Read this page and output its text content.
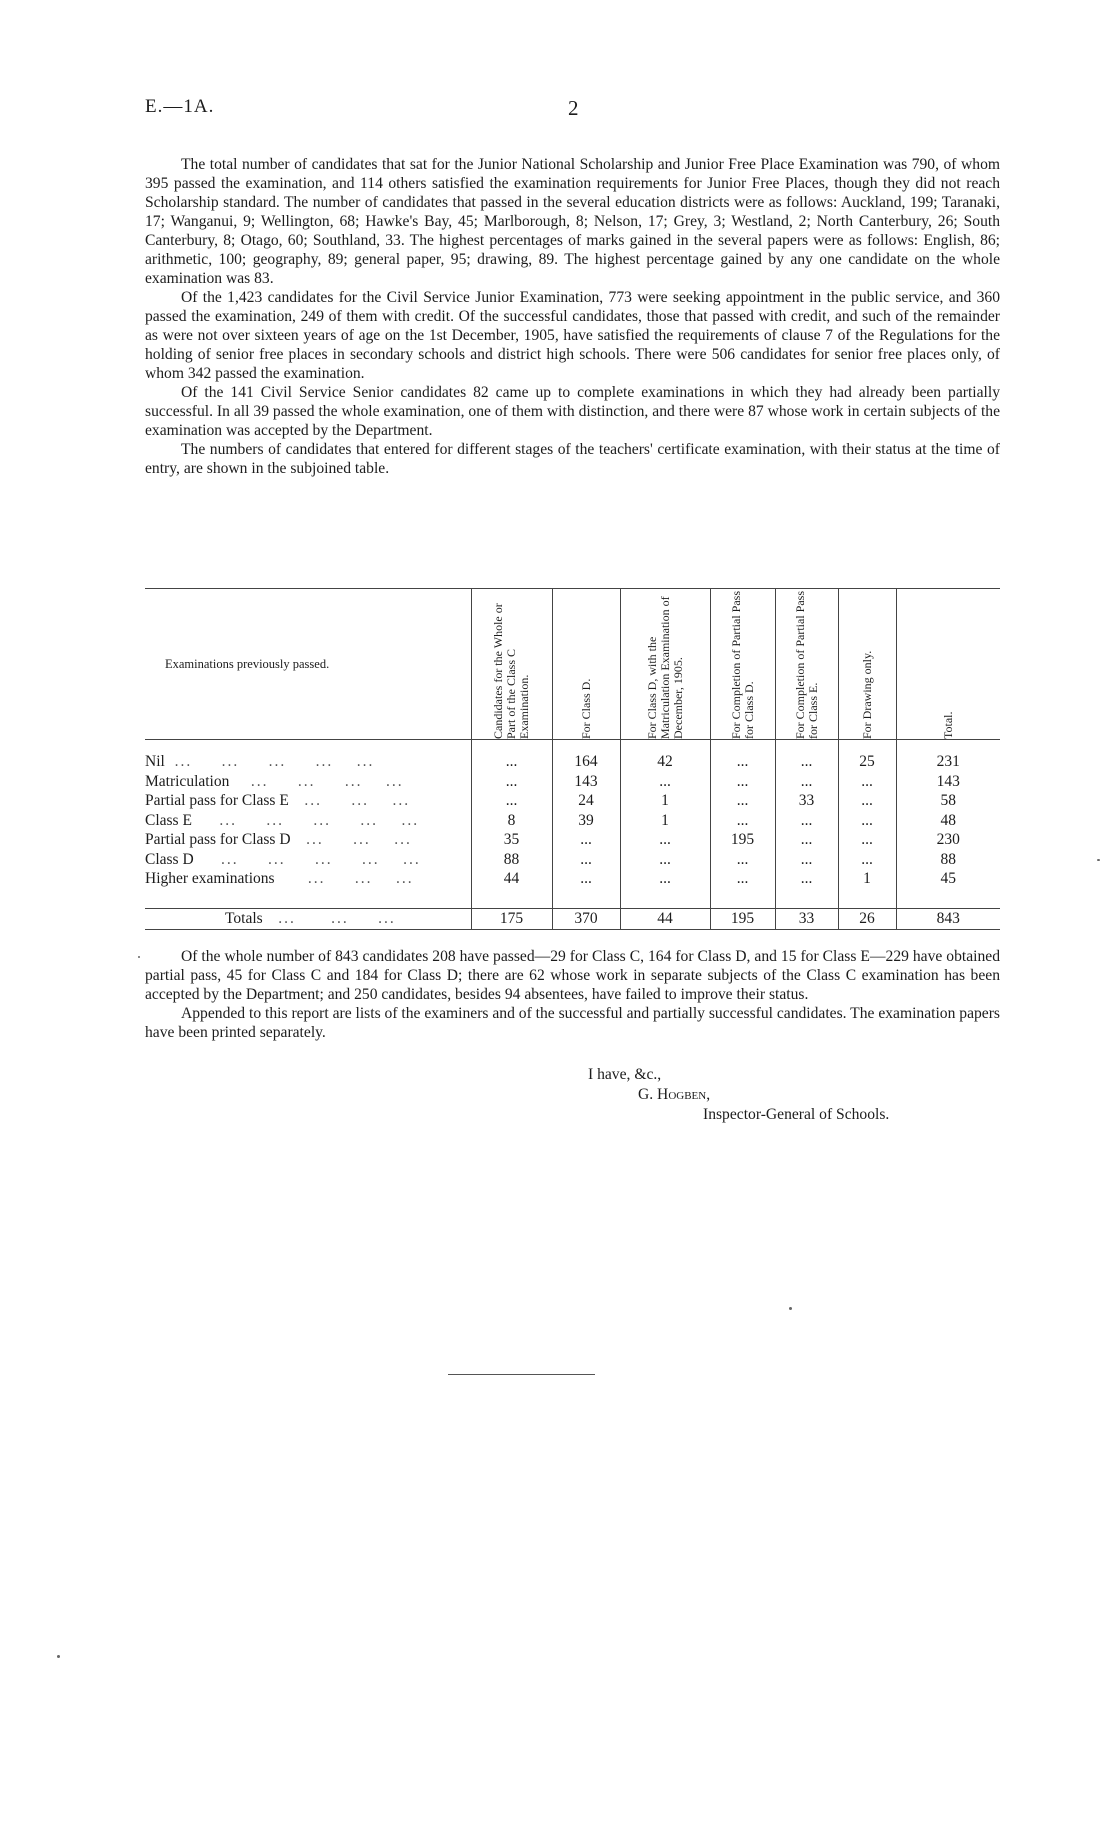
E.—1A.	2

The total number of candidates that sat for the Junior National Scholarship and Junior Free Place Examination was 790, of whom 395 passed the examination, and 114 others satisfied the examination requirements for Junior Free Places, though they did not reach Scholarship standard. The number of candidates that passed in the several education districts were as follows: Auckland, 199; Taranaki, 17; Wanganui, 9; Wellington, 68; Hawke's Bay, 45; Marlborough, 8; Nelson, 17; Grey, 3; Westland, 2; North Canterbury, 26; South Canterbury, 8; Otago, 60; Southland, 33. The highest percentages of marks gained in the several papers were as follows: English, 86; arithmetic, 100; geography, 89; general paper, 95; drawing, 89. The highest percentage gained by any one candidate on the whole examination was 83.

Of the 1,423 candidates for the Civil Service Junior Examination, 773 were seeking appointment in the public service, and 360 passed the examination, 249 of them with credit. Of the successful candidates, those that passed with credit, and such of the remainder as were not over sixteen years of age on the 1st December, 1905, have satisfied the requirements of clause 7 of the Regulations for the holding of senior free places in secondary schools and district high schools. There were 506 candidates for senior free places only, of whom 342 passed the examination.

Of the 141 Civil Service Senior candidates 82 came up to complete examinations in which they had already been partially successful. In all 39 passed the whole examination, one of them with distinction, and there were 87 whose work in certain subjects of the examination was accepted by the Department.

The numbers of candidates that entered for different stages of the teachers' certificate examination, with their status at the time of entry, are shown in the subjoined table.

Examinations previously passed.	Candidates for the Whole or Part of the Class C Examination.	For Class D.	For Class D, with the Matriculation Examination of December, 1905.	For Completion of Partial Pass for Class D.	For Completion of Partial Pass for Class E.	For Drawing only.	Total.

Nil  ...     ...     ...     ...    ...	...	164	42	...	...	25	231
Matriculation    ...     ...     ...    ...	...	143	...	...	...	...	143
Partial pass for Class E   ...     ...    ...	...	24	1	...	33	...	58
Class E     ...     ...     ...     ...    ...	8	39	1	...	...	...	48
Partial pass for Class D   ...     ...    ...	35	...	...	195	...	...	230
Class D     ...     ...     ...     ...    ...	88	...	...	...	...	...	88
Higher examinations      ...     ...    ...	44	...	...	...	...	1	45

Totals   ...      ...     ...	175	370	44	195	33	26	843

Of the whole number of 843 candidates 208 have passed—29 for Class C, 164 for Class D, and 15 for Class E—229 have obtained partial pass, 45 for Class C and 184 for Class D; there are 62 whose work in separate subjects of the Class C examination has been accepted by the Department; and 250 candidates, besides 94 absentees, have failed to improve their status.

Appended to this report are lists of the examiners and of the successful and partially successful candidates. The examination papers have been printed separately.

I have, &c.,
G. Hogben,
Inspector-General of Schools.
